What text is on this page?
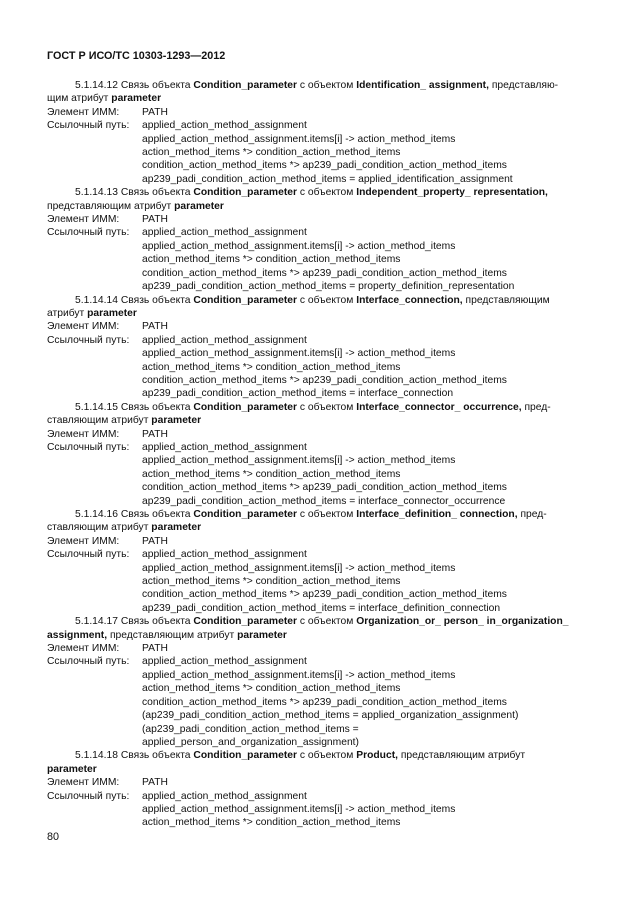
ГОСТ Р ИСО/ТС 10303-1293—2012

5.1.14.12 Связь объекта Condition_parameter с объектом Identification_ assignment, представляю-

щим атрибут parameter
Элемент ИММ:	PATH
Ссылочный путь:	applied_action_method_assignment
applied_action_method_assignment.items[i] -> action_method_items
action_method_items *> condition_action_method_items
condition_action_method_items *> ap239_padi_condition_action_method_items
ap239_padi_condition_action_method_items = applied_identification_assignment

5.1.14.13 Связь объекта Condition_parameter с объектом Independent_property_ representation,

представляющим атрибут parameter
Элемент ИММ:	PATH
Ссылочный путь:	applied_action_method_assignment
applied_action_method_assignment.items[i] -> action_method_items
action_method_items *> condition_action_method_items
condition_action_method_items *> ap239_padi_condition_action_method_items
ap239_padi_condition_action_method_items = property_definition_representation

5.1.14.14 Связь объекта Condition_parameter с объектом Interface_connection, представляющим

атрибут parameter
Элемент ИММ:	PATH
Ссылочный путь:	applied_action_method_assignment
applied_action_method_assignment.items[i] -> action_method_items
action_method_items *> condition_action_method_items
condition_action_method_items *> ap239_padi_condition_action_method_items
ap239_padi_condition_action_method_items = interface_connection

5.1.14.15 Связь объекта Condition_parameter с объектом Interface_connector_ occurrence, пред-

ставляющим атрибут parameter
Элемент ИММ:	PATH
Ссылочный путь:	applied_action_method_assignment
applied_action_method_assignment.items[i] -> action_method_items
action_method_items *> condition_action_method_items
condition_action_method_items *> ap239_padi_condition_action_method_items
ap239_padi_condition_action_method_items = interface_connector_occurrence

5.1.14.16 Связь объекта Condition_parameter с объектом Interface_definition_ connection, пред-

ставляющим атрибут parameter
Элемент ИММ:	PATH
Ссылочный путь:	applied_action_method_assignment
applied_action_method_assignment.items[i] -> action_method_items
action_method_items *> condition_action_method_items
condition_action_method_items *> ap239_padi_condition_action_method_items
ap239_padi_condition_action_method_items = interface_definition_connection

5.1.14.17 Связь объекта Condition_parameter с объектом Organization_or_ person_ in_organization_

assignment, представляющим атрибут parameter
Элемент ИММ:	PATH
Ссылочный путь:	applied_action_method_assignment
applied_action_method_assignment.items[i] -> action_method_items
action_method_items *> condition_action_method_items
condition_action_method_items *> ap239_padi_condition_action_method_items
(ap239_padi_condition_action_method_items = applied_organization_assignment)
(ap239_padi_condition_action_method_items =
applied_person_and_organization_assignment)

5.1.14.18 Связь объекта Condition_parameter с объектом Product, представляющим атрибут

parameter
Элемент ИММ:	PATH
Ссылочный путь:	applied_action_method_assignment
applied_action_method_assignment.items[i] -> action_method_items
action_method_items *> condition_action_method_items
80
